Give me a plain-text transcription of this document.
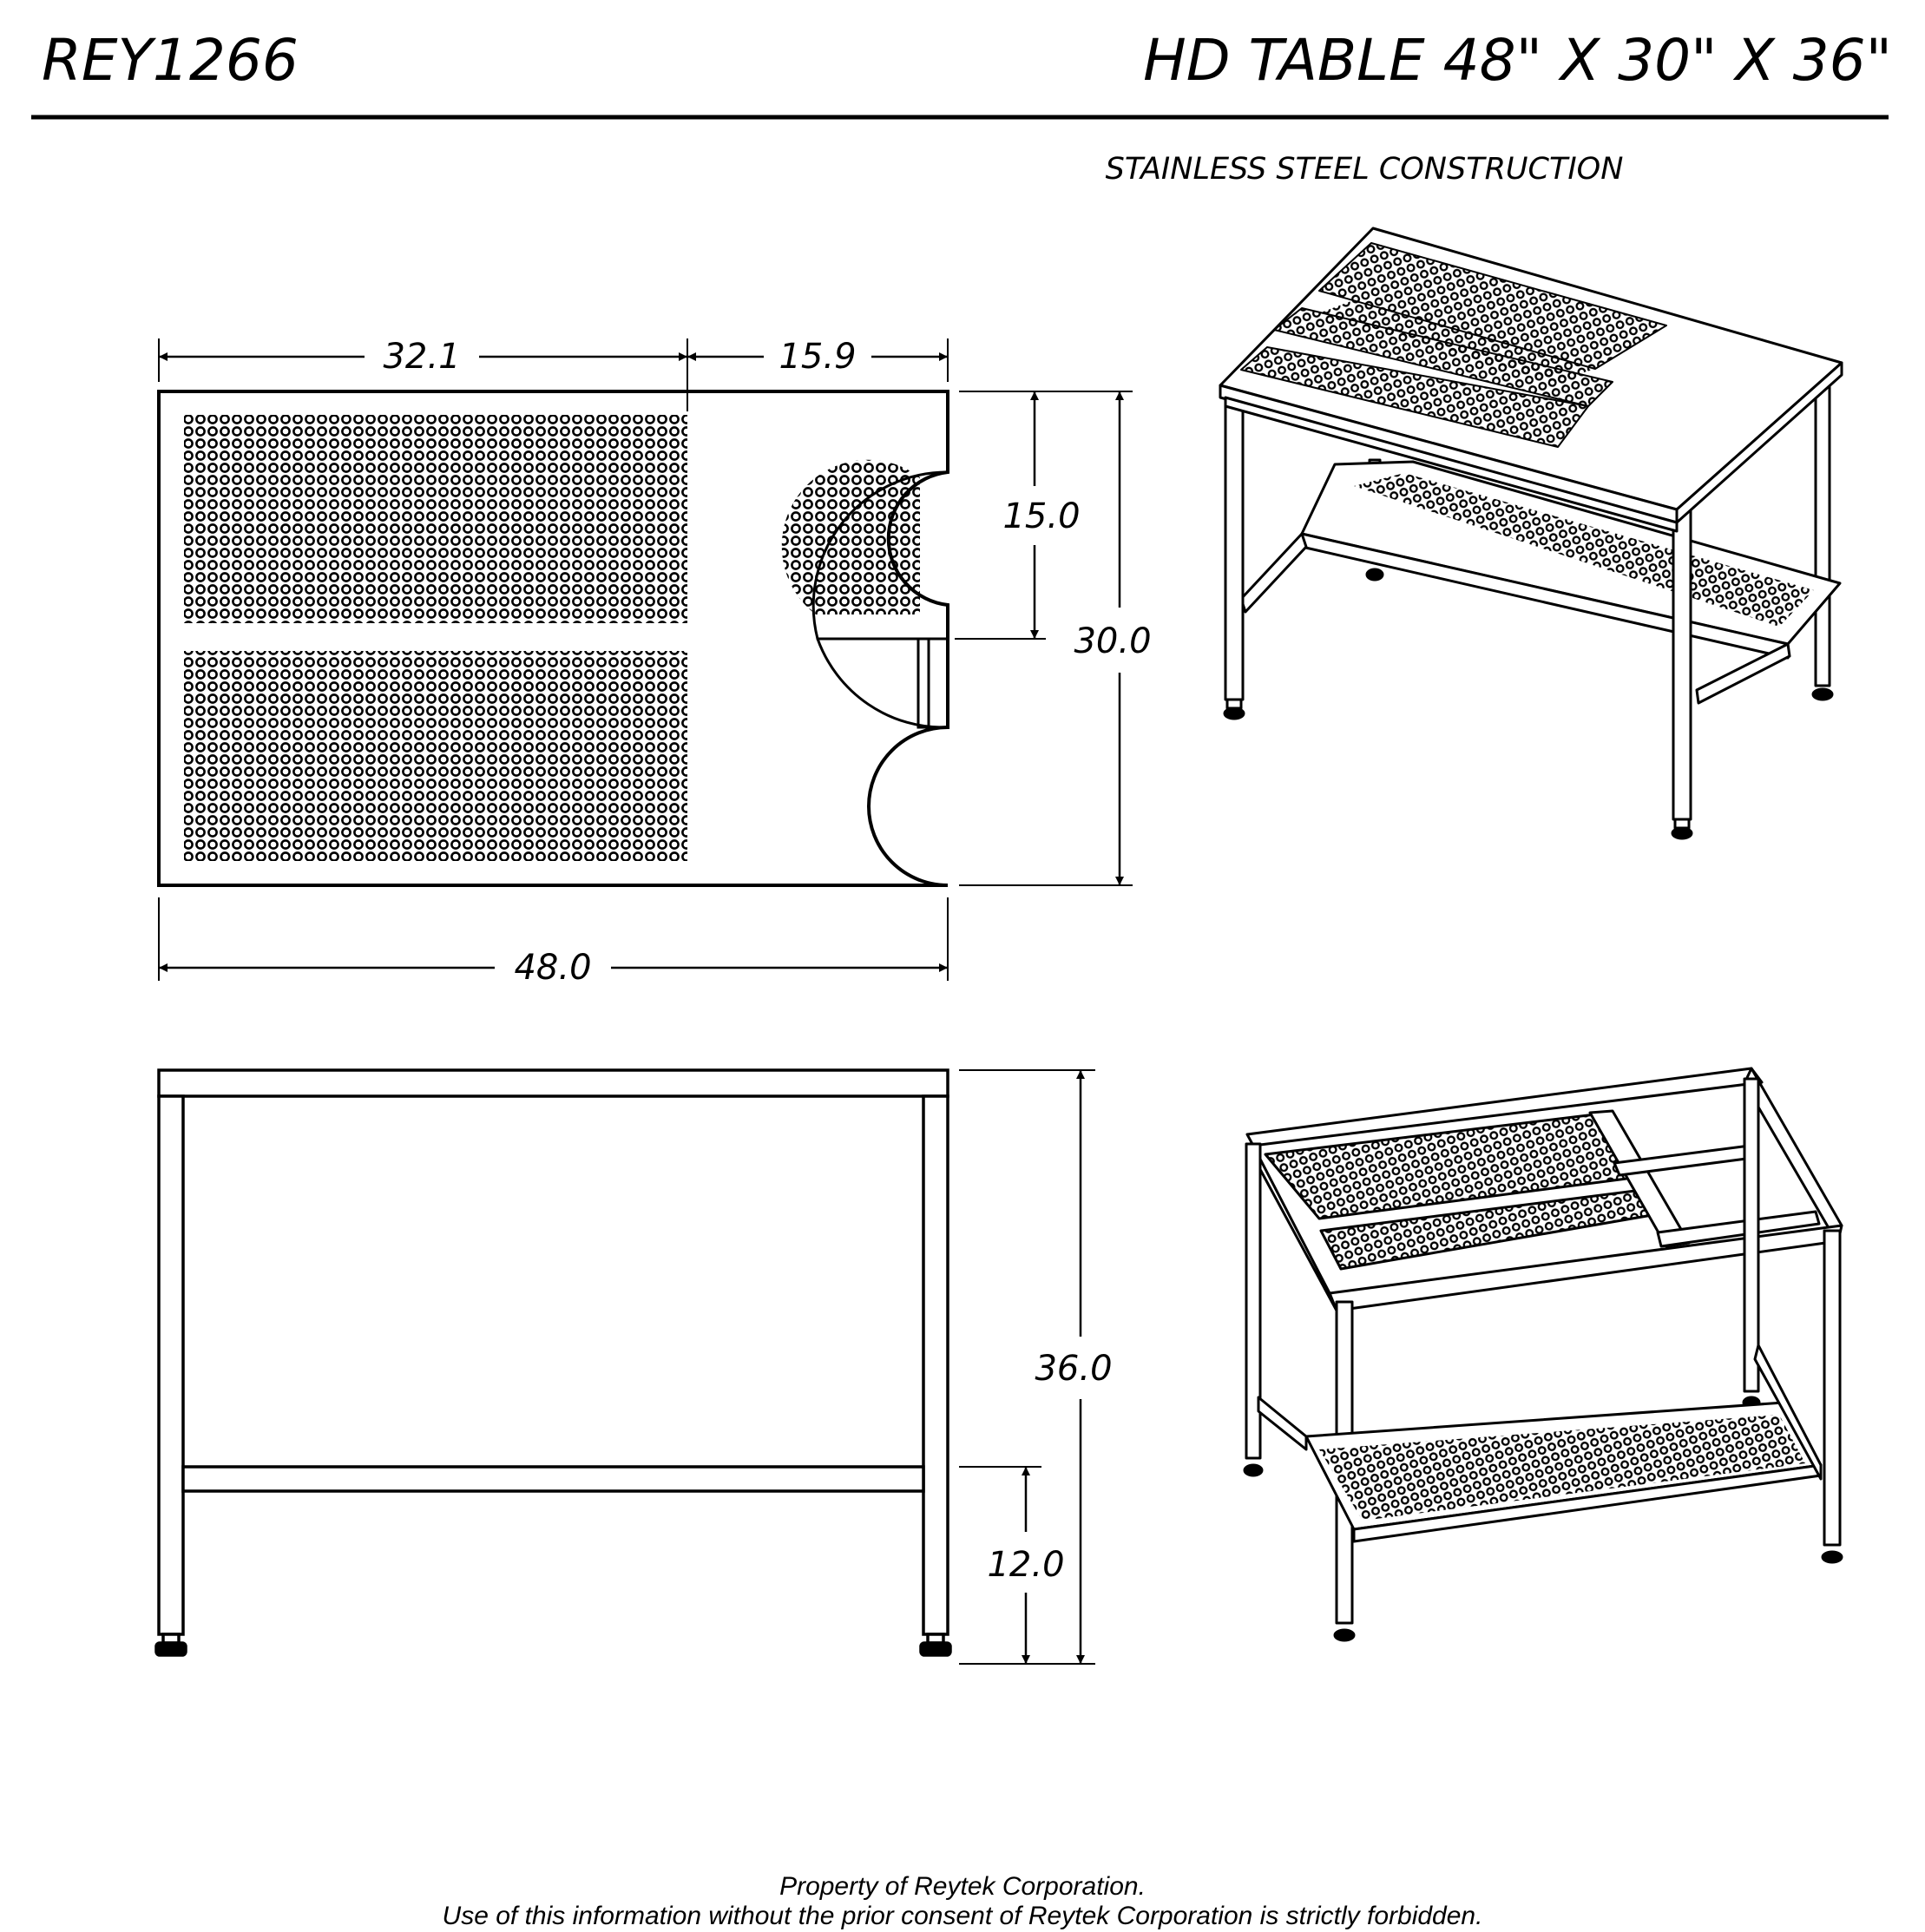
REY1266	HD TABLE 48" X 30" X 36"
STAINLESS STEEL CONSTRUCTION
32.1	15.9
15.0
30.0
48.0
36.0
12.0
Property of Reytek Corporation.
Use of this information without the prior consent of Reytek Corporation is strictly forbidden.
